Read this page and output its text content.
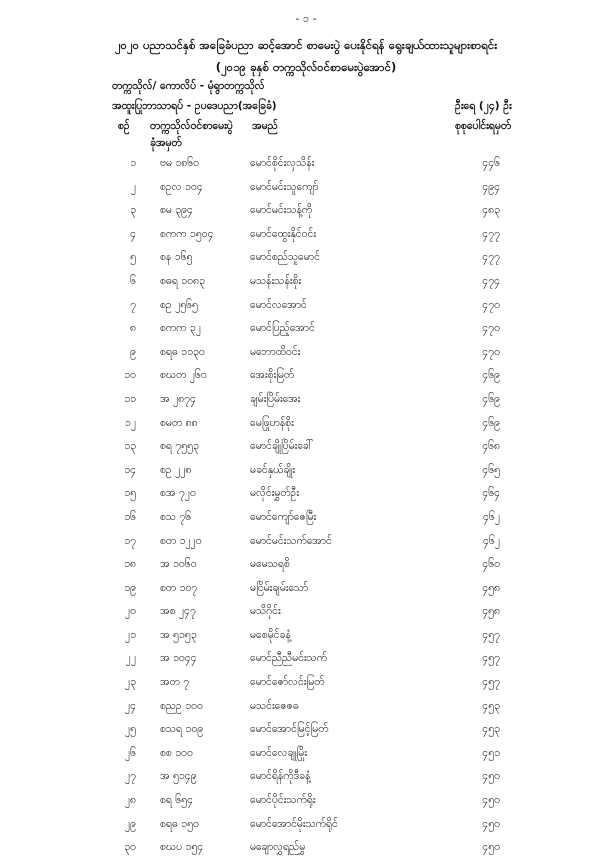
- ၁ -
၂၀၂၀ ပညာသင်နှစ် အခြေခံပညာ ဆင့်အောင် စာမေးပွဲ ပေးနိုင်ရန် ရွေးချယ်ထားသူများစာရင်း
(၂၀၁၉ ခုနှစ် တက္ကသိုလ်ဝင်စာမေးပွဲအောင်)
တက္ကသိုလ်/ ကောလိပ် - မုံရွာတက္ကသိုလ်
အထူးပြုဘာသာရပ် - ဥပဒေပညာ(အခြေခံ)	ဦးရေ (၂၄) ဦး
စဉ် တက္ကသိုလ်ဝင်စာမေးပွဲ
ခုံအမှတ်
အမည်	စုစုပေါင်းရမှတ်
၁ ဗမ ၁၈၆၀	မောင်စိုင်းလှသိန်း	၄၄၆
၂ စဥလ ၁၀၄	မောင်မင်းသူကျော်	၄၉၄
၃ စမ ၃၉၄	မောင်မင်းသန့်ကို	၄၈၃
၄ စကက ၁၅၀၄	မောင်ထွေးနိုင်ဝင်း	၄၇၇
၅ စန ၁၆၅	မောင်စည်သူမောင်	၄၇၇
၆ စဓရ ၁၀၈၃	မသန်းသန်းစိုး	၄၇၄
၇ စဥ ၂၅၆၅	မောင်လအောင်	၄၇၀
၈ စကက ၃၂	မောင်ပြည့်အောင်	၄၇၀
၉ စရဓ ၁၁၃၀	မဘောထိဝင်း	၄၇၀
၁၀ စဃတ ၂၆၀	အေးစိုးမြတ်	၄၆၉
၁၁ အ ၂၈၇၄	ချမ်းပြိမ်းအေး	၄၆၉
၁၂ စမတ ၈၈	မေဖြုဟန်စိုး	၄၆၉
၁၃ စရ ၇၅၅၃	မောင်ချိုပြိမ်းခေါ်	၄၆၈
၁၄ စဥ ၂၂၈	မခင်နှယ်ချိုး	၄၆၅
၁၅ စအ ၇၂၀	မလိုင်းမွှတ်ဦး	၄၆၄
၁၆ စသ ၇၆	မောင်ကျော်ဇေမြီး	၄၆၂
၁၇ စတ ၁၂၂၀	မောင်မင်းသက်အောင်	၄၆၂
၁၈ အ ၁၀၆၀	မမေသရစိ	၄၆၀
၁၉ စတ ၁၀၇	မငြိမ်းချမ်းသော်	၄၅၈
၂၀ အစ ၂၄၇	မသိဂိုင်း	၄၅၈
၂၁ အ ၅၁၅၃	မစေမိုင်ခနံ့	၄၅၇
၂၂ အ ၁၀၄၄	မောင်ညီညီမင်းသက်	၄၅၇
၂၃ အတ ၇	မောင်ဇော်လင်းမြတ်	၄၅၇
၂၄ စညဥ ၁၀၀	မသင်းဇေဇဓ	၄၅၃
၂၅ စသရ ၁၀၉	မောင်အောင်မြင့်မြတ်	၄၅၃
၂၆ စစ ၁၀၀	မောင်လေချုမြိုး	၄၅၁
၂၇ အ ၅၁၄၉	မောင်ရိန်ကိုဒီခနံ့	၄၅၀
၂၈ စရ ၆၅၄	မောင်ပိုင်းသက်ရိုး	၄၅၀
၂၉ စရဓ ၁၅၀	မောင်အောင်မိုးသက်ရိုင်	၄၅၀
၃၀ စဃပ ၁၅၄	မချောလွှရည်မွှ	၄၅၀
